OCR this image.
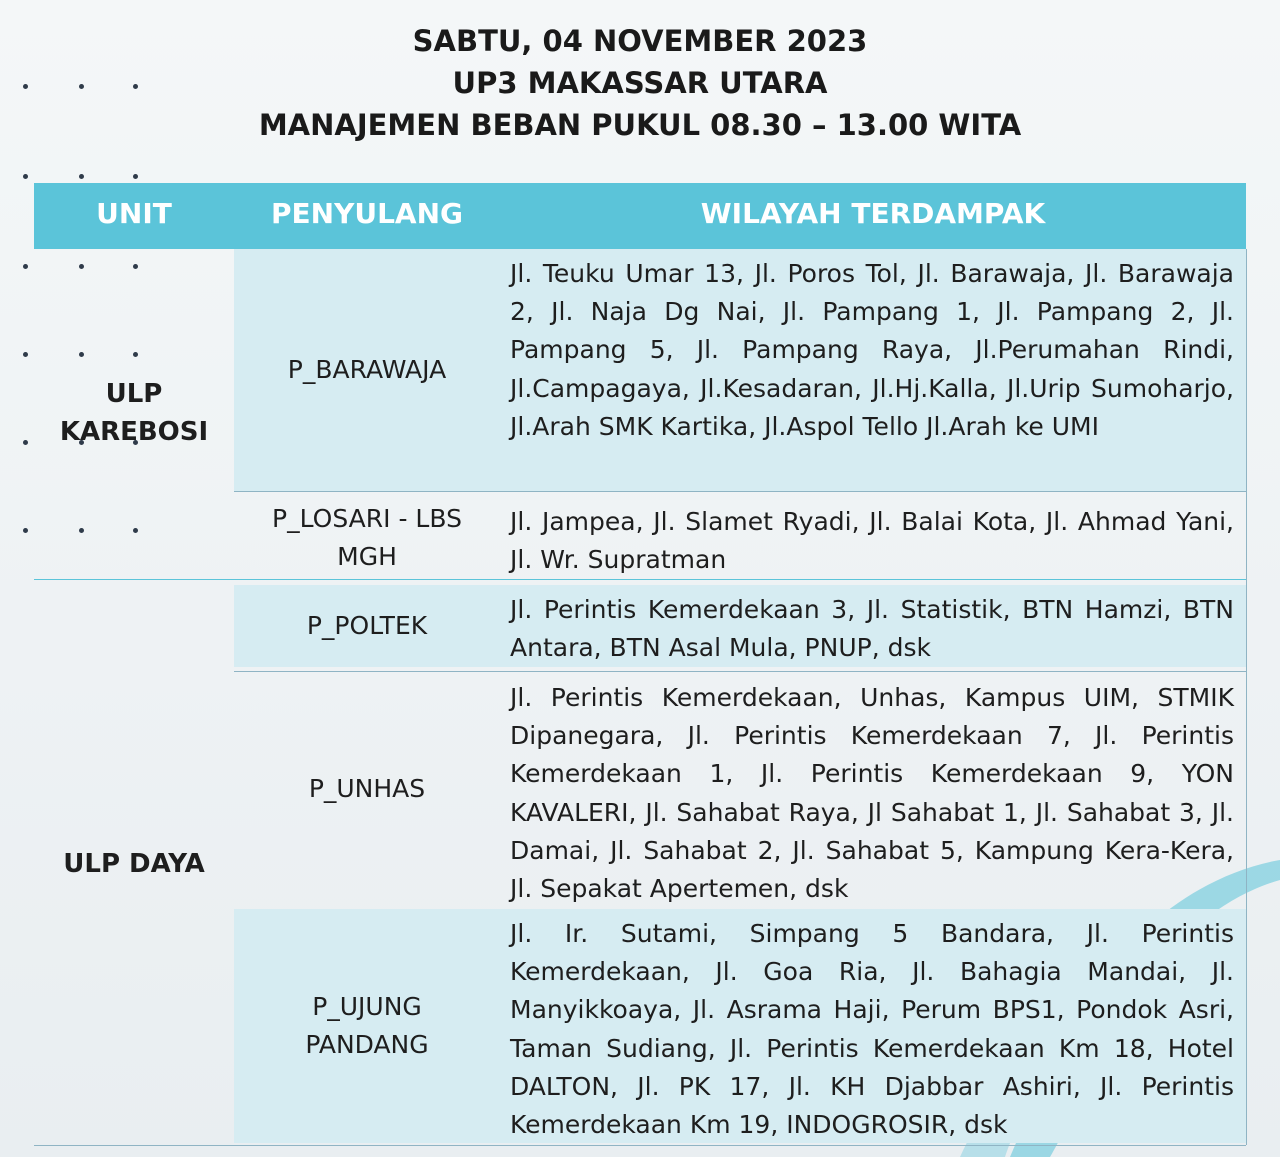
SABTU, 04 NOVEMBER 2023
UP3 MAKASSAR UTARA
MANAJEMEN BEBAN PUKUL 08.30 – 13.00 WITA
UNIT	PENYULANG	WILAYAH TERDAMPAK
ULP
KAREBOSI
P_BARAWAJA
Jl. Teuku Umar 13, Jl. Poros Tol, Jl. Barawaja, Jl. Barawaja 2, Jl. Naja Dg Nai, Jl. Pampang 1, Jl. Pampang 2, Jl. Pampang 5, Jl. Pampang Raya, Jl.Perumahan Rindi, Jl.Campagaya, Jl.Kesadaran, Jl.Hj.Kalla, Jl.Urip Sumoharjo, Jl.Arah SMK Kartika, Jl.Aspol Tello Jl.Arah ke UMI
P_LOSARI - LBS
MGH
Jl. Jampea, Jl. Slamet Ryadi, Jl. Balai Kota, Jl. Ahmad Yani, Jl. Wr. Supratman
ULP DAYA
P_POLTEK
Jl. Perintis Kemerdekaan 3, Jl. Statistik, BTN Hamzi, BTN Antara, BTN Asal Mula, PNUP, dsk
P_UNHAS
Jl. Perintis Kemerdekaan, Unhas, Kampus UIM, STMIK Dipanegara, Jl. Perintis Kemerdekaan 7, Jl. Perintis Kemerdekaan 1, Jl. Perintis Kemerdekaan 9, YON KAVALERI, Jl. Sahabat Raya, Jl Sahabat 1, Jl. Sahabat 3, Jl. Damai, Jl. Sahabat 2, Jl. Sahabat 5, Kampung Kera-Kera, Jl. Sepakat Apertemen, dsk
P_UJUNG
PANDANG
Jl. Ir. Sutami, Simpang 5 Bandara, Jl. Perintis Kemerdekaan, Jl. Goa Ria, Jl. Bahagia Mandai, Jl. Manyikkoaya, Jl. Asrama Haji, Perum BPS1, Pondok Asri, Taman Sudiang, Jl. Perintis Kemerdekaan Km 18, Hotel DALTON, Jl. PK 17, Jl. KH Djabbar Ashiri, Jl. Perintis Kemerdekaan Km 19, INDOGROSIR, dsk
